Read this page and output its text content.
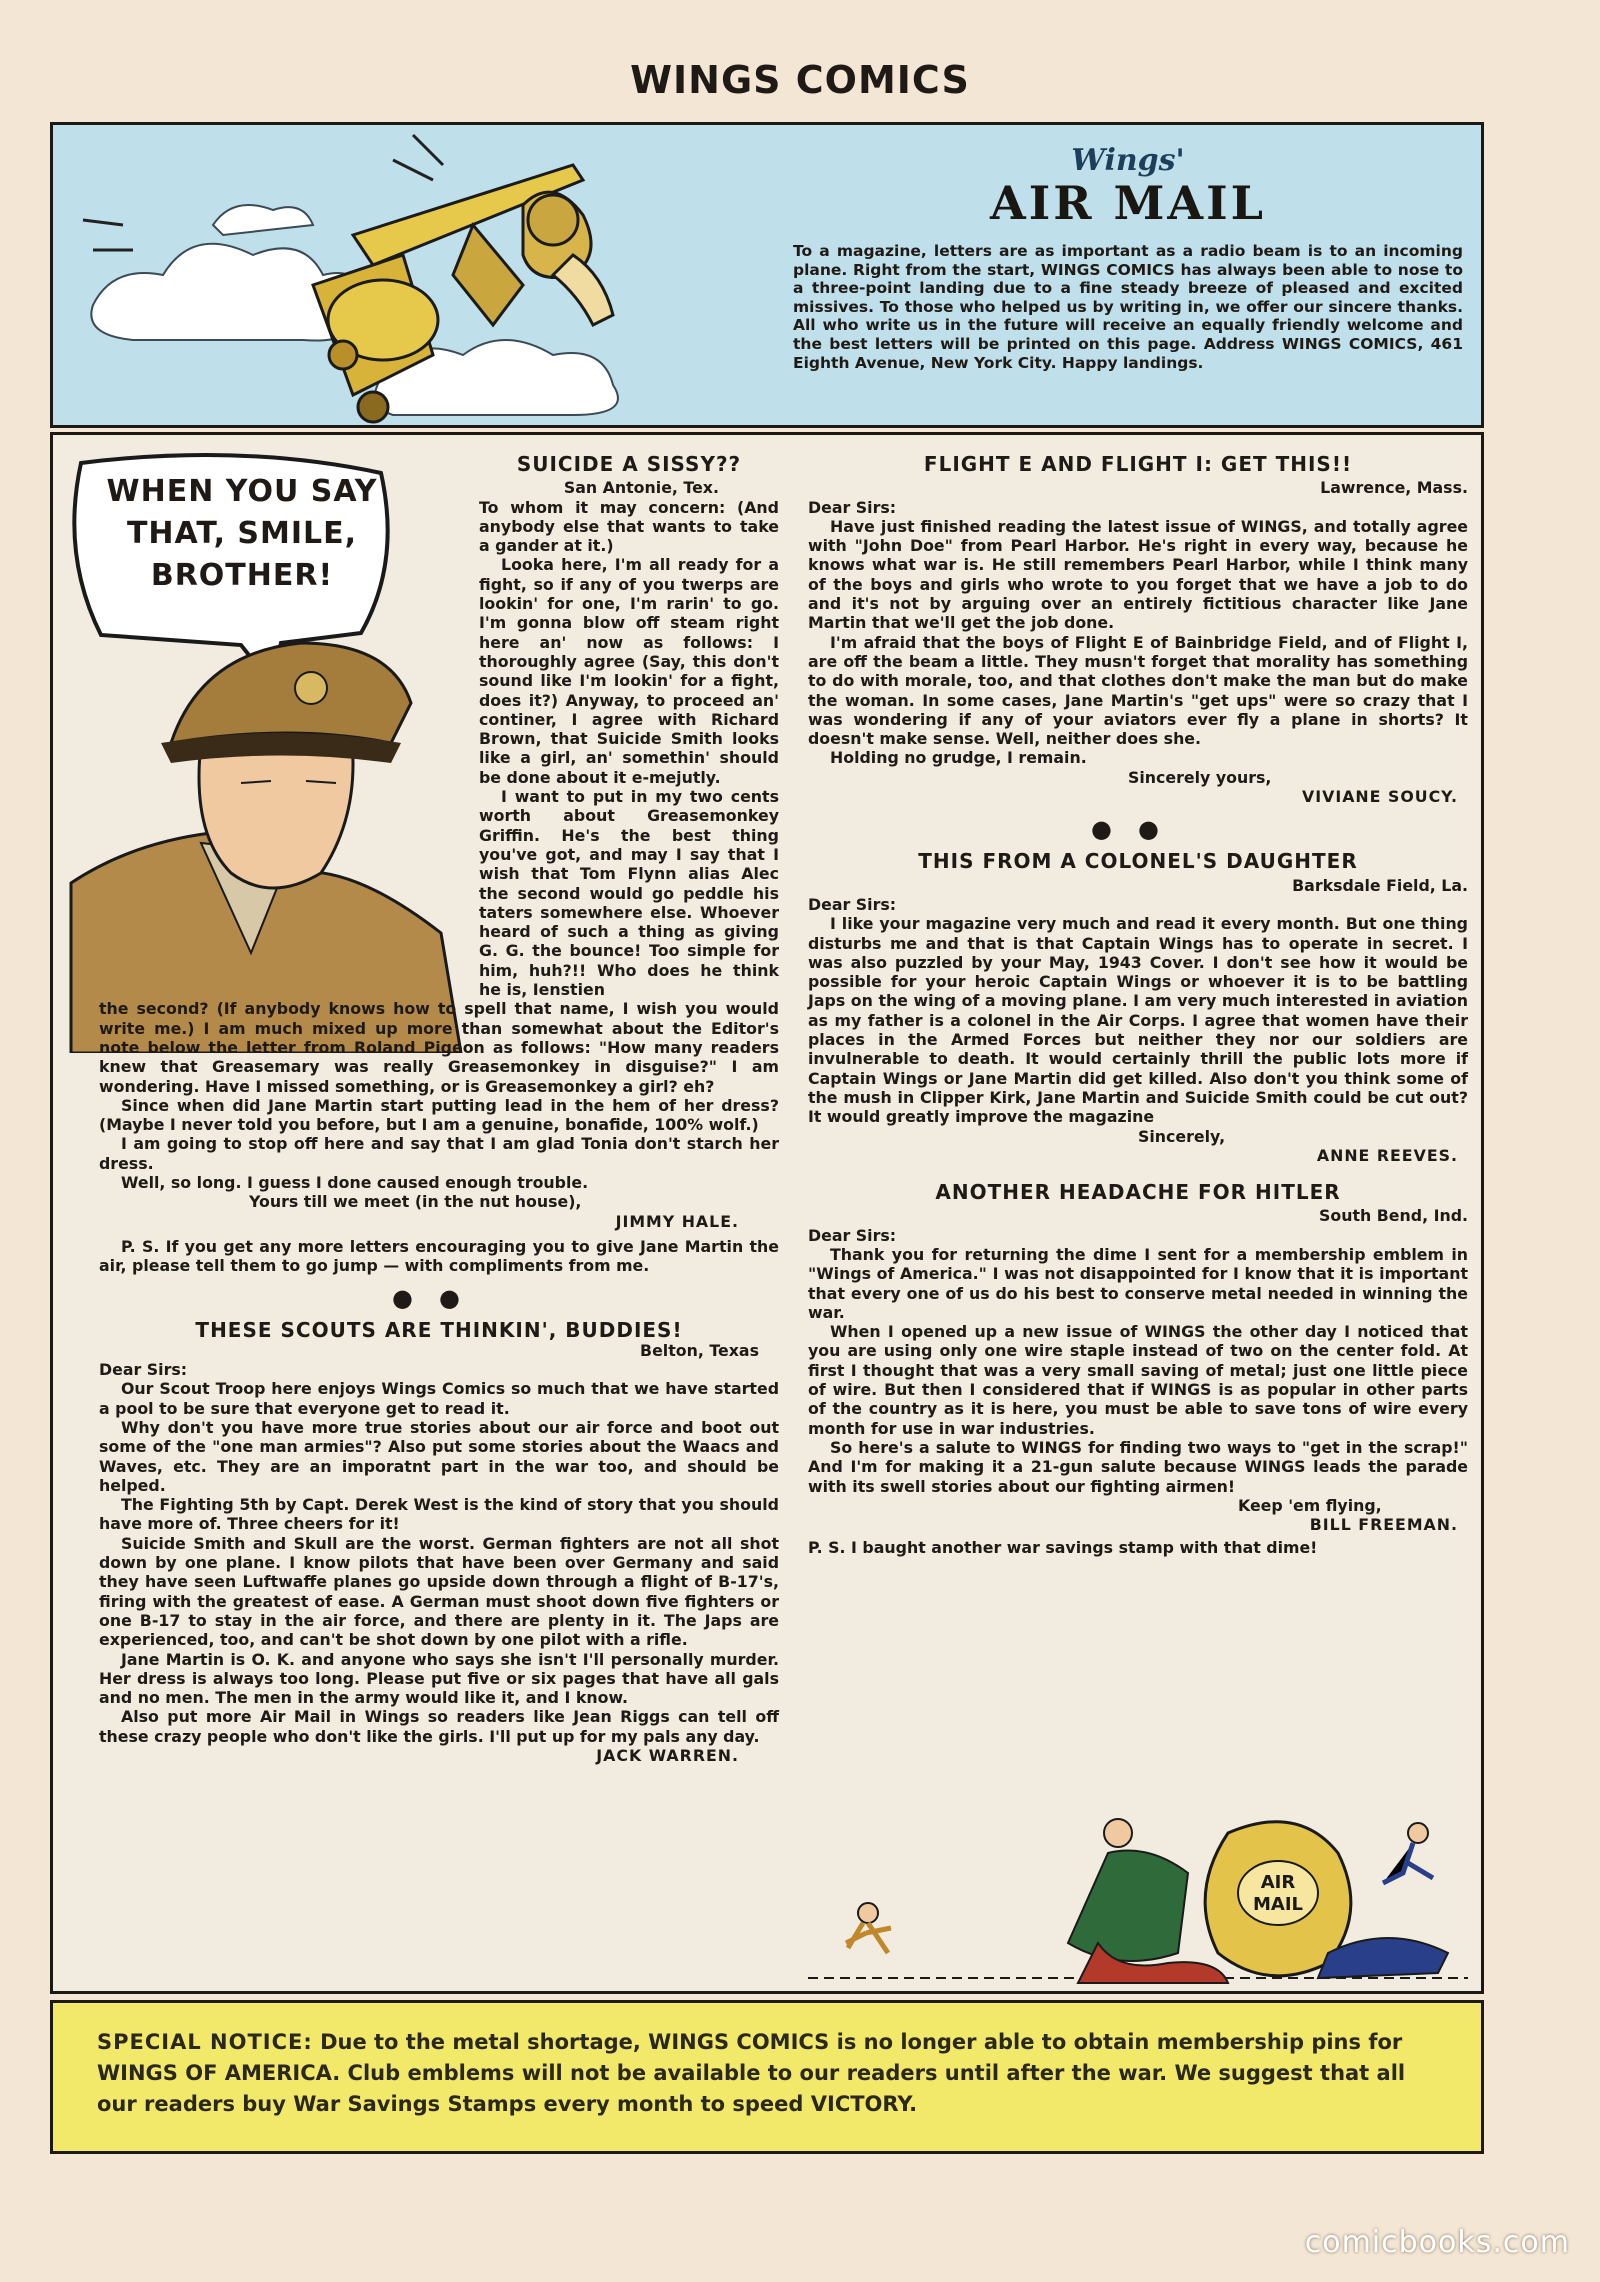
WINGS COMICS
Wings'
AIR MAIL
To a magazine, letters are as important as a radio beam is to an incoming plane. Right from the start, WINGS COMICS has always been able to nose to a three-point landing due to a fine steady breeze of pleased and excited missives. To those who helped us by writing in, we offer our sincere thanks. All who write us in the future will receive an equally friendly welcome and the best letters will be printed on this page. Address WINGS COMICS, 461 Eighth Avenue, New York City. Happy landings.
WHEN YOU SAY
THAT, SMILE,
BROTHER!
SUICIDE A SISSY??

San Antonie, Tex.

To whom it may concern: (And anybody else that wants to take a gander at it.)

Looka here, I'm all ready for a fight, so if any of you twerps are lookin' for one, I'm rarin' to go. I'm gonna blow off steam right here an' now as follows: I thoroughly agree (Say, this don't sound like I'm lookin' for a fight, does it?) Anyway, to proceed an' continer, I agree with Richard Brown, that Suicide Smith looks like a girl, an' somethin' should be done about it e-mejutly.

I want to put in my two cents worth about Greasemonkey Griffin. He's the best thing you've got, and may I say that I wish that Tom Flynn alias Alec the second would go peddle his taters somewhere else. Whoever heard of such a thing as giving G. G. the bounce! Too simple for him, huh?!! Who does he think he is, Ienstien

the second? (If anybody knows how to spell that name, I wish you would write me.) I am much mixed up more than somewhat about the Editor's note below the letter from Roland Pigeon as follows: "How many readers knew that Greasemary was really Greasemonkey in disguise?" I am wondering. Have I missed something, or is Greasemonkey a girl? eh?

Since when did Jane Martin start putting lead in the hem of her dress? (Maybe I never told you before, but I am a genuine, bonafide, 100% wolf.)

I am going to stop off here and say that I am glad Tonia don't starch her dress.

Well, so long. I guess I done caused enough trouble.

Yours till we meet (in the nut house),

JIMMY HALE.

P. S. If you get any more letters encouraging you to give Jane Martin the air, please tell them to go jump — with compliments from me.

●●
THESE SCOUTS ARE THINKIN', BUDDIES!

Belton, Texas

Dear Sirs:

Our Scout Troop here enjoys Wings Comics so much that we have started a pool to be sure that everyone get to read it.

Why don't you have more true stories about our air force and boot out some of the "one man armies"? Also put some stories about the Waacs and Waves, etc. They are an imporatnt part in the war too, and should be helped.

The Fighting 5th by Capt. Derek West is the kind of story that you should have more of. Three cheers for it!

Suicide Smith and Skull are the worst. German fighters are not all shot down by one plane. I know pilots that have been over Germany and said they have seen Luftwaffe planes go upside down through a flight of B-17's, firing with the greatest of ease. A German must shoot down five fighters or one B-17 to stay in the air force, and there are plenty in it. The Japs are experienced, too, and can't be shot down by one pilot with a rifle.

Jane Martin is O. K. and anyone who says she isn't I'll personally murder. Her dress is always too long. Please put five or six pages that have all gals and no men. The men in the army would like it, and I know.

Also put more Air Mail in Wings so readers like Jean Riggs can tell off these crazy people who don't like the girls. I'll put up for my pals any day.

JACK WARREN.

FLIGHT E AND FLIGHT I: GET THIS!!

Lawrence, Mass.

Dear Sirs:

Have just finished reading the latest issue of WINGS, and totally agree with "John Doe" from Pearl Harbor. He's right in every way, because he knows what war is. He still remembers Pearl Harbor, while I think many of the boys and girls who wrote to you forget that we have a job to do and it's not by arguing over an entirely fictitious character like Jane Martin that we'll get the job done.

I'm afraid that the boys of Flight E of Bainbridge Field, and of Flight I, are off the beam a little. They musn't forget that morality has something to do with morale, too, and that clothes don't make the man but do make the woman. In some cases, Jane Martin's "get ups" were so crazy that I was wondering if any of your aviators ever fly a plane in shorts? It doesn't make sense. Well, neither does she.

Holding no grudge, I remain.

Sincerely yours,

VIVIANE SOUCY.

●●
THIS FROM A COLONEL'S DAUGHTER

Barksdale Field, La.

Dear Sirs:

I like your magazine very much and read it every month. But one thing disturbs me and that is that Captain Wings has to operate in secret. I was also puzzled by your May, 1943 Cover. I don't see how it would be possible for your heroic Captain Wings or whoever it is to be battling Japs on the wing of a moving plane. I am very much interested in aviation as my father is a colonel in the Air Corps. I agree that women have their places in the Armed Forces but neither they nor our soldiers are invulnerable to death. It would certainly thrill the public lots more if Captain Wings or Jane Martin did get killed. Also don't you think some of the mush in Clipper Kirk, Jane Martin and Suicide Smith could be cut out? It would greatly improve the magazine

Sincerely,

ANNE REEVES.

ANOTHER HEADACHE FOR HITLER

South Bend, Ind.

Dear Sirs:

Thank you for returning the dime I sent for a membership emblem in "Wings of America." I was not disappointed for I know that it is important that every one of us do his best to conserve metal needed in winning the war.

When I opened up a new issue of WINGS the other day I noticed that you are using only one wire staple instead of two on the center fold. At first I thought that was a very small saving of metal; just one little piece of wire. But then I considered that if WINGS is as popular in other parts of the country as it is here, you must be able to save tons of wire every month for use in war industries.

So here's a salute to WINGS for finding two ways to "get in the scrap!" And I'm for making it a 21-gun salute because WINGS leads the parade with its swell stories about our fighting airmen!

Keep 'em flying,

BILL FREEMAN.

P. S. I baught another war savings stamp with that dime!

AIR
MAIL
SPECIAL NOTICE: Due to the metal shortage, WINGS COMICS is no longer able to obtain membership pins for WINGS OF AMERICA. Club emblems will not be available to our readers until after the war. We suggest that all our readers buy War Savings Stamps every month to speed VICTORY.
comicbooks.com
